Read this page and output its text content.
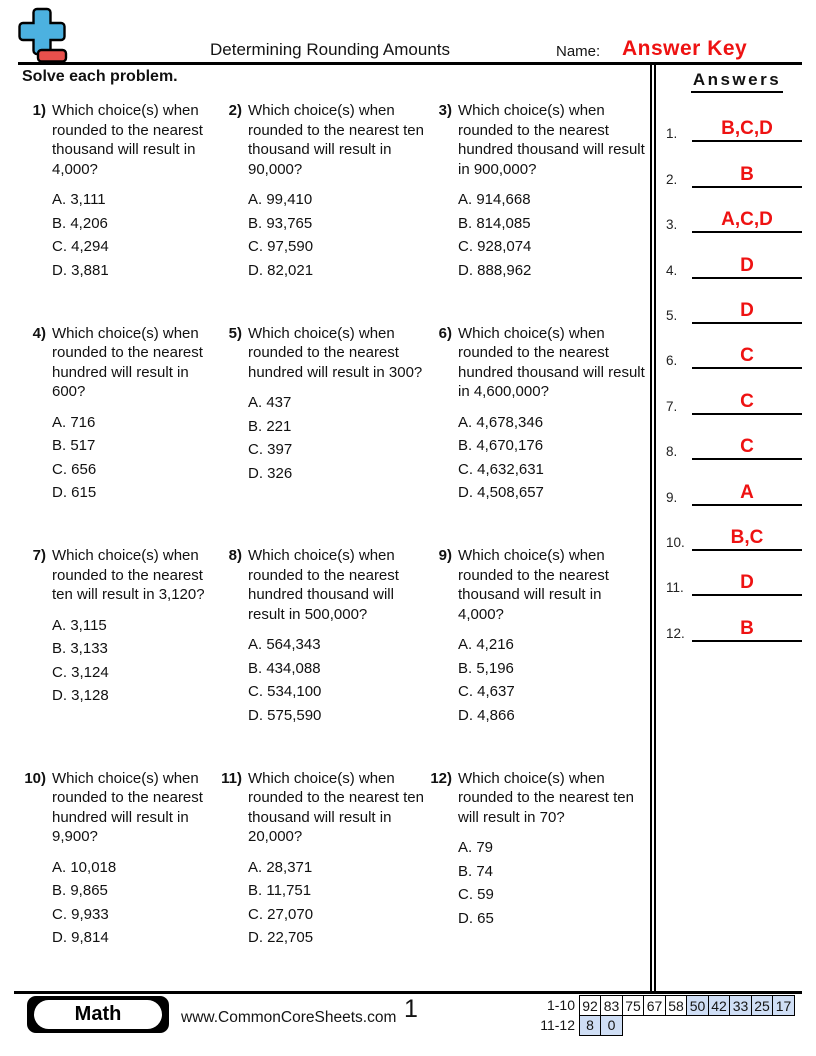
Determining Rounding Amounts	Name: Answer Key
Solve each problem.
1) Which choice(s) when rounded to the nearest thousand will result in 4,000?
A. 3,111
B. 4,206
C. 4,294
D. 3,881
2) Which choice(s) when rounded to the nearest ten thousand will result in 90,000?
A. 99,410
B. 93,765
C. 97,590
D. 82,021
3) Which choice(s) when rounded to the nearest hundred thousand will result in 900,000?
A. 914,668
B. 814,085
C. 928,074
D. 888,962
4) Which choice(s) when rounded to the nearest hundred will result in 600?
A. 716
B. 517
C. 656
D. 615
5) Which choice(s) when rounded to the nearest hundred will result in 300?
A. 437
B. 221
C. 397
D. 326
6) Which choice(s) when rounded to the nearest hundred thousand will result in 4,600,000?
A. 4,678,346
B. 4,670,176
C. 4,632,631
D. 4,508,657
7) Which choice(s) when rounded to the nearest ten will result in 3,120?
A. 3,115
B. 3,133
C. 3,124
D. 3,128
8) Which choice(s) when rounded to the nearest hundred thousand will result in 500,000?
A. 564,343
B. 434,088
C. 534,100
D. 575,590
9) Which choice(s) when rounded to the nearest thousand will result in 4,000?
A. 4,216
B. 5,196
C. 4,637
D. 4,866
10) Which choice(s) when rounded to the nearest hundred will result in 9,900?
A. 10,018
B. 9,865
C. 9,933
D. 9,814
11) Which choice(s) when rounded to the nearest ten thousand will result in 20,000?
A. 28,371
B. 11,751
C. 27,070
D. 22,705
12) Which choice(s) when rounded to the nearest ten will result in 70?
A. 79
B. 74
C. 59
D. 65
Answers
1.	B,C,D
2.	B
3.	A,C,D
4.	D
5.	D
6.	C
7.	C
8.	C
9.	A
10.	B,C
11.	D
12.	B
Math	www.CommonCoreSheets.com 1	1-10 92 83 75 67 58 50 42 33 25 17
11-12 8 0
